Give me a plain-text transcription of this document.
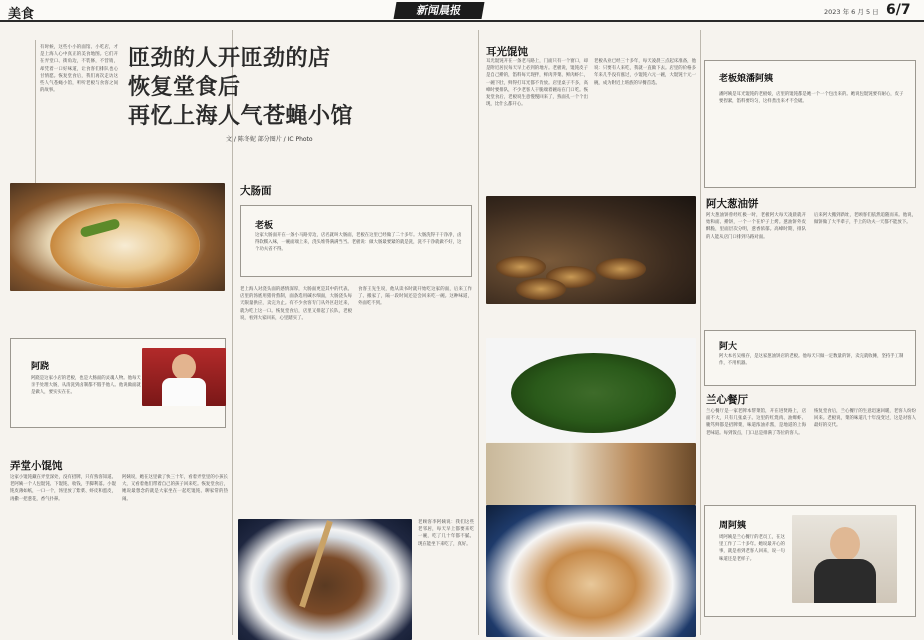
美食	新闻晨报	2023 年 6 月 5 日 6/7
有时候，这些小小的面馆、小吃店，才是上海人心中真正的美食地图。它们开在弄堂口、街角边，不装修，不营销，却凭着一口好味道，让食客们排队也心甘情愿。恢复堂食后，我们再次走访这些人气苍蝇小馆，听听老板与食客之间的故事。
匝劲的人开匝劲的店
恢复堂食后
再忆上海人气苍蝇小馆
文 / 陈冬妮 部分图片 / IC Photo
大肠面
老板
这家大肠面开在一条小马路旁边，店名就叫大肠面，老板在这里已经做了二十多年。大肠洗得干干净净，卤得软糯入味，一碗面端上来，浇头堆得满满当当。老板说：做大肠最要紧的就是洗，洗不干净就做不好，这个功夫省不得。
老上海人对浇头面的感情深厚，大肠面更是其中的代表。店里的汤底用猪骨熬制，面条选用碱水细面，大肠浇头每天限量供应，卖完为止。有不少食客专门从外区赶过来，就为吃上这一口。恢复堂食后，店里又排起了长队，老板说，看到大家回来，心里踏实了。
食客王先生说，他从读书时就开始吃这家的面，后来工作了、搬家了，隔一段时间还是会回来吃一碗。这种味道，外面吃不到。
阿跷
阿跷是这家小店的老板，也是大肠面的灵魂人物。他每天亲手处理大肠，从清洗到卤制都不假手他人。他说做面就是做人，要实实在在。
弄堂小馄饨
这家小馄饨藏在弄堂深处，没有招牌，只有熟客知道。老阿姨一个人包馄饨、下馄饨、收钱，手脚利落。小馄饨皮薄如纸，一口一个，汤里放了紫菜、虾皮和蛋皮，再撒一把葱花，香气扑鼻。
阿姨说，她在这里做了快三十年，看着弄堂里的小孩长大，又看着他们带着自己的孩子回来吃。恢复堂食后，她说最想念的就是大家坐在一起吃馄饨、聊家常的热闹。
老顾客李阿姨说：我们这些老邻居，每天早上都要来吃一碗，吃了几十年都不腻。现在能坐下来吃了，真好。
耳光馄饨
耳光馄饨开在一条老马路上，门面只有一个窗口，却是附近居民每天早上必到的地方。老板说，馄饨皮子是自己擀的，馅料每天现拌，鲜肉荠菜、鲜肉虾仁，一碗下肚，鲜得打耳光都不肯放。店里桌子不多，高峰时要排队，不少老客人干脆端着碗站在门口吃。恢复堂食后，老板说生意慢慢回来了，熟面孔一个个出现，比什么都开心。
老板从业已经三十多年，每天凌晨三点起床准备，他说：只要有人来吃，我就一直做下去。店里的价格多年来几乎没有涨过，小馄饨六元一碗，大馄饨十元一碗，成为附近上班族的早餐首选。	老板娘潘阿姨
潘阿姨是耳光馄饨的老板娘，店里的馄饨都是她一个一个包出来的。她说包馄饨要有耐心，皮子要捏紧，馅料要均匀，这样煮出来才不会破。
阿大葱油饼
阿大葱油饼曾经红极一时，老板阿大每天凌晨就开始和面、擀饼，一个一个在炉子上烤。葱油饼外皮酥脆，里面层次分明，葱香浓郁。高峰时期，排队的人能从店门口排到马路对面。
后来阿大搬到新址，老顾客们依然追随而来。他说，做饼做了大半辈子，手上的功夫一天都不能放下。
阿大
阿大本名吴根存，是这家葱油饼店的老板。他每天只做一定数量的饼，卖完就收摊，坚持手工制作，不用机器。
兰心餐厅
兰心餐厅是一家老牌本帮菜馆，开在进贤路上，店面不大，只有几张桌子。这里的红烧肉、油爆虾、腌笃鲜都是招牌菜，味道浓油赤酱，是地道的上海老味道。每到饭点，门口总是排满了等位的客人。
恢复堂食后，兰心餐厅的生意迅速回暖，老客人纷纷回来。老板说，菜的味道几十年没变过，这是对客人最好的交代。
周阿姨
周阿姨是兰心餐厅的老员工，在这里工作了二十多年。她说最开心的事，就是看到老客人回来，说一句味道还是老样子。
